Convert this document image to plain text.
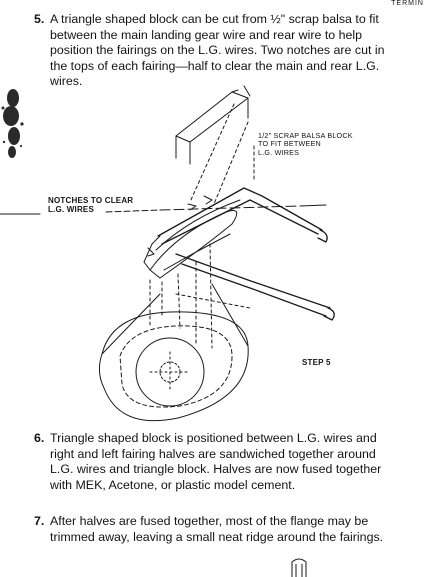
TERMIN
5. A triangle shaped block can be cut from ½" scrap balsa to fit between the main landing gear wire and rear wire to help position the fairings on the L.G. wires. Two notches are cut in the tops of each fairing—half to clear the main and rear L.G. wires.
1/2" SCRAP BALSA BLOCK
TO FIT BETWEEN
L.G. WIRES
NOTCHES TO CLEAR
L.G. WIRES
STEP 5
6. Triangle shaped block is positioned between L.G. wires and right and left fairing halves are sandwiched together around L.G. wires and triangle block. Halves are now fused together with MEK, Acetone, or plastic model cement.
7. After halves are fused together, most of the flange may be trimmed away, leaving a small neat ridge around the fairings.
